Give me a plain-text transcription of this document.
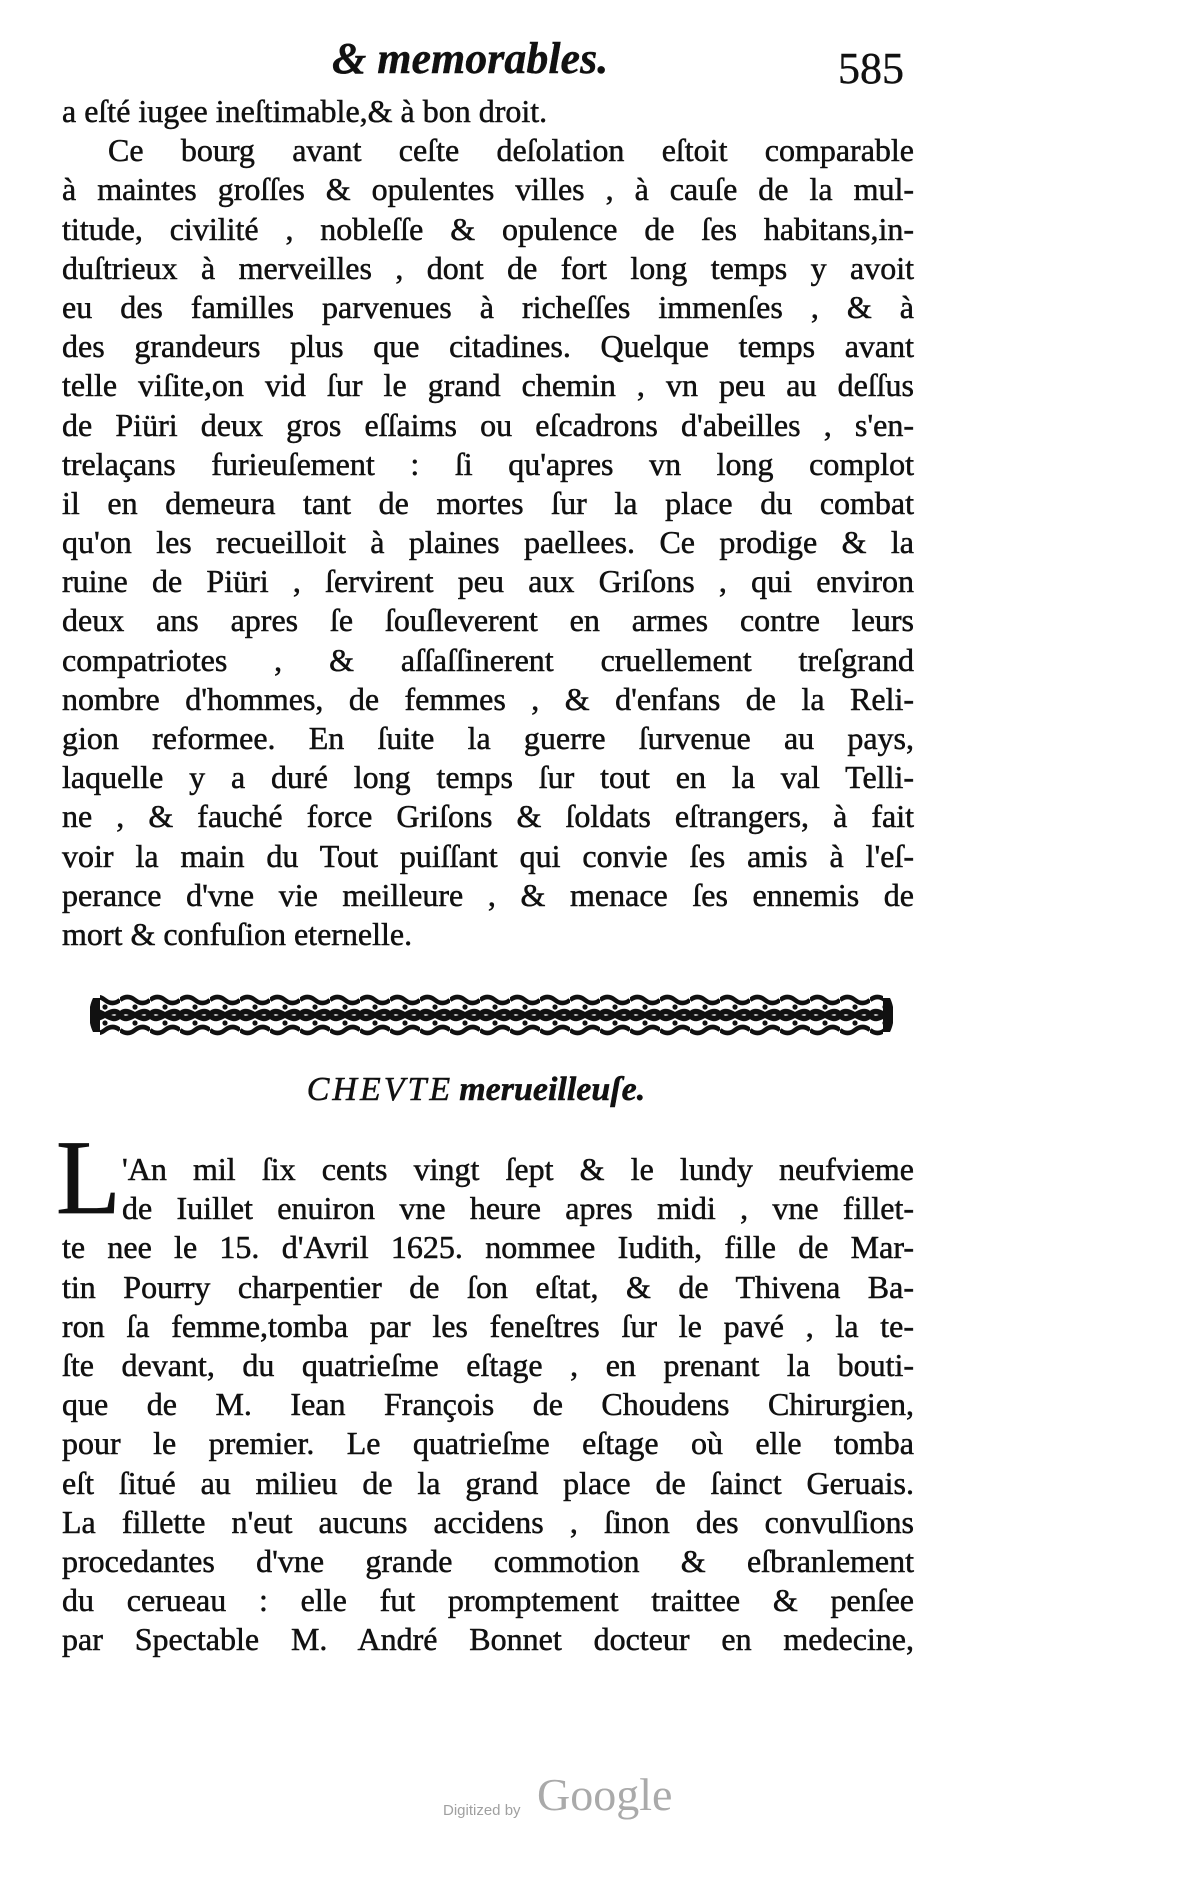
& memorables.	585
a eſté iugee ineſtimable,& à bon droit.
Ce bourg avant ceſte deſolation eſtoit comparable
à maintes groſſes & opulentes villes , à cauſe de la mul-
titude, civilité , nobleſſe & opulence de ſes habitans,in-
duſtrieux à merveilles , dont de fort long temps y avoit
eu des familles parvenues à richeſſes immenſes , & à
des grandeurs plus que citadines. Quelque temps avant
telle viſite,on vid ſur le grand chemin , vn peu au deſſus
de Piüri deux gros eſſaims ou eſcadrons d'abeilles , s'en-
trelaçans furieuſement : ſi qu'apres vn long complot
il en demeura tant de mortes ſur la place du combat
qu'on les recueilloit à plaines paellees. Ce prodige & la
ruine de Piüri , ſervirent peu aux Griſons , qui environ
deux ans apres ſe ſouſleverent en armes contre leurs
compatriotes , & aſſaſſinerent cruellement treſgrand
nombre d'hommes, de femmes , & d'enfans de la Reli-
gion reformee. En ſuite la guerre ſurvenue au pays,
laquelle y a duré long temps ſur tout en la val Telli-
ne , & fauché force Griſons & ſoldats eſtrangers, à fait
voir la main du Tout puiſſant qui convie ſes amis à l'eſ-
perance d'vne vie meilleure , & menace ſes ennemis de
mort & confuſion eternelle.
CHEVTE merueilleuſe.
L 'An mil ſix cents vingt ſept & le lundy neufvieme
de Iuillet enuiron vne heure apres midi , vne fillet-
te nee le 15. d'Avril 1625. nommee Iudith, fille de Mar-
tin Pourry charpentier de ſon eſtat, & de Thivena Ba-
ron ſa femme,tomba par les feneſtres ſur le pavé , la te-
ſte devant, du quatrieſme eſtage , en prenant la bouti-
que de M. Iean François de Choudens Chirurgien,
pour le premier. Le quatrieſme eſtage où elle tomba
eſt ſitué au milieu de la grand place de ſainct Geruais.
La fillette n'eut aucuns accidens , ſinon des convulſions
procedantes d'vne grande commotion & eſbranlement
du cerueau : elle fut promptement traittee & penſee
par Spectable M. André Bonnet docteur en medecine,
Digitized by Google
